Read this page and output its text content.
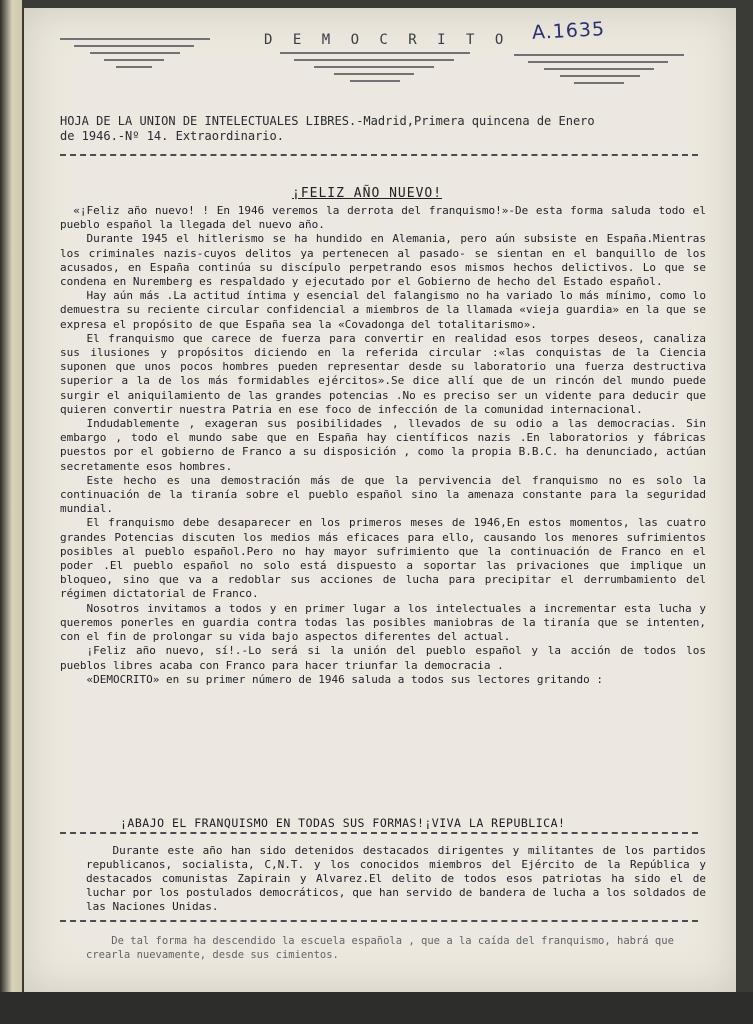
D E M O C R I T O A.1635
HOJA DE LA UNION DE INTELECTUALES LIBRES.-Madrid,Primera quincena de Enero
de 1946.-Nº 14. Extraordinario.
¡FELIZ AÑO NUEVO!

«¡Feliz año nuevo! ! En 1946 veremos la derrota del franquismo!»-De esta forma saluda todo el pueblo español la llegada del nuevo año.

Durante 1945 el hitlerismo se ha hundido en Alemania, pero aún subsiste en España.Mientras los criminales nazis-cuyos delitos ya pertenecen al pasado- se sientan en el banquillo de los acusados, en España continúa su discípulo perpetrando esos mismos hechos delictivos. Lo que se condena en Nuremberg es respaldado y ejecutado por el Gobierno de hecho del Estado español.

Hay aún más .La actitud íntima y esencial del falangismo no ha variado lo más mínimo, como lo demuestra su reciente circular confidencial a miembros de la llamada «vieja guardia» en la que se expresa el propósito de que España sea la «Covadonga del totalitarismo».

El franquismo que carece de fuerza para convertir en realidad esos torpes deseos, canaliza sus ilusiones y propósitos diciendo en la referida circular :«las conquistas de la Ciencia suponen que unos pocos hombres pueden representar desde su laboratorio una fuerza destructiva superior a la de los más formidables ejércitos».Se dice allí que de un rincón del mundo puede surgir el aniquilamiento de las grandes potencias .No es preciso ser un vidente para deducir que quieren convertir nuestra Patria en ese foco de infección de la comunidad internacional.

Indudablemente , exageran sus posibilidades , llevados de su odio a las democracias. Sin embargo , todo el mundo sabe que en España hay científicos nazis .En laboratorios y fábricas puestos por el gobierno de Franco a su disposición , como la propia B.B.C. ha denunciado, actúan secretamente esos hombres.

Este hecho es una demostración más de que la pervivencia del franquismo no es solo la continuación de la tiranía sobre el pueblo español sino la amenaza constante para la seguridad mundial.

El franquismo debe desaparecer en los primeros meses de 1946,En estos momentos, las cuatro grandes Potencias discuten los medios más eficaces para ello, causando los menores sufrimientos posibles al pueblo español.Pero no hay mayor sufrimiento que la continuación de Franco en el poder .El pueblo español no solo está dispuesto a soportar las privaciones que implique un bloqueo, sino que va a redoblar sus acciones de lucha para precipitar el derrumbamiento del régimen dictatorial de Franco.

Nosotros invitamos a todos y en primer lugar a los intelectuales a incrementar esta lucha y queremos ponerles en guardia contra todas las posibles maniobras de la tiranía que se intenten, con el fin de prolongar su vida bajo aspectos diferentes del actual.

¡Feliz año nuevo, sí!.-Lo será si la unión del pueblo español y la acción de todos los pueblos libres acaba con Franco para hacer triunfar la democracia .

«DEMOCRITO» en su primer número de 1946 saluda a todos sus lectores gritando :

¡ABAJO EL FRANQUISMO EN TODAS SUS FORMAS!¡VIVA LA REPUBLICA!

Durante este año han sido detenidos destacados dirigentes y militantes de los partidos republicanos, socialista, C,N.T. y los conocidos miembros del Ejército de la República y destacados comunistas Zapirain y Alvarez.El delito de todos esos patriotas ha sido el de luchar por los postulados democráticos, que han servido de bandera de lucha a los soldados de las Naciones Unidas.

De tal forma ha descendido la escuela española , que a la caída del franquismo, habrá que crearla nuevamente, desde sus cimientos.
